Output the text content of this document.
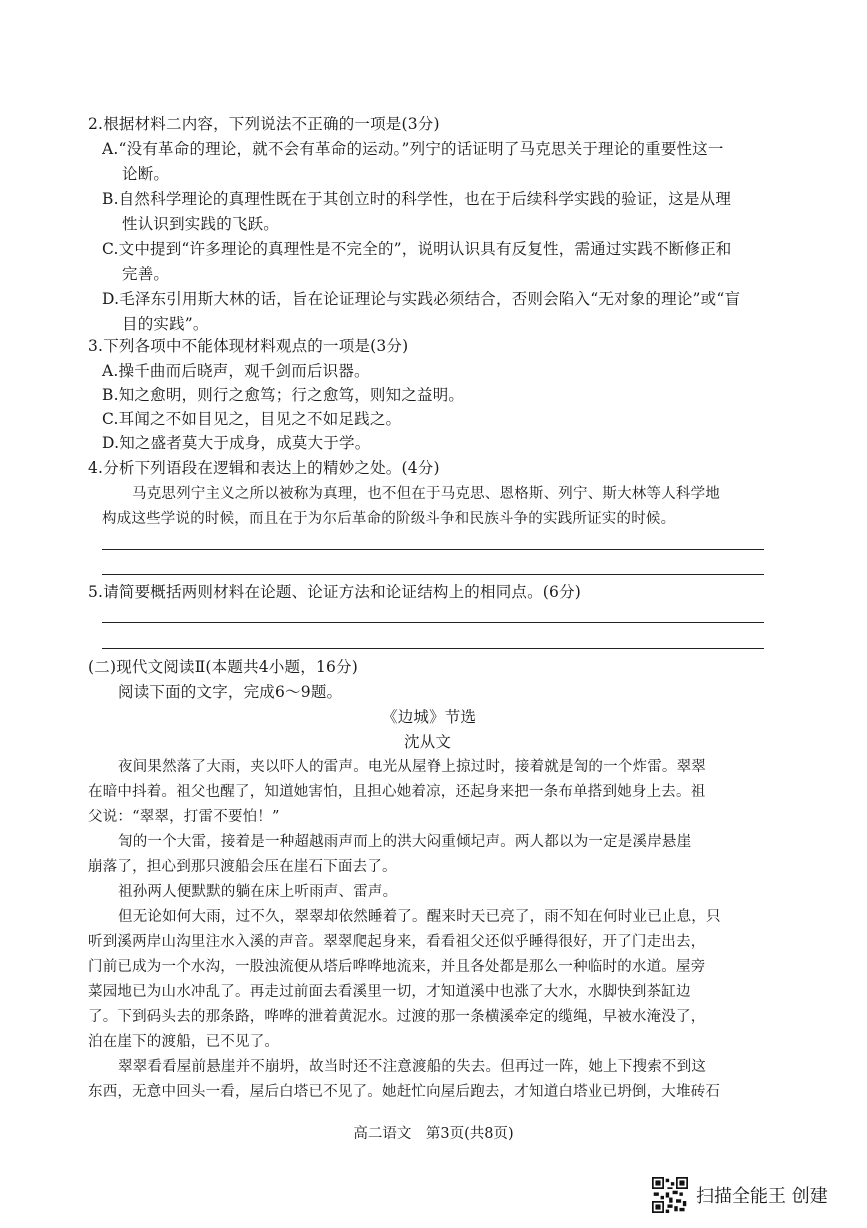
2.根据材料二内容，下列说法不正确的一项是(3分)
A.“没有革命的理论，就不会有革命的运动。”列宁的话证明了马克思关于理论的重要性这一
论断。
B.自然科学理论的真理性既在于其创立时的科学性，也在于后续科学实践的验证，这是从理
性认识到实践的飞跃。
C.文中提到“许多理论的真理性是不完全的”，说明认识具有反复性，需通过实践不断修正和
完善。
D.毛泽东引用斯大林的话，旨在论证理论与实践必须结合，否则会陷入“无对象的理论”或“盲
目的实践”。
3.下列各项中不能体现材料观点的一项是(3分)
A.操千曲而后晓声，观千剑而后识器。
B.知之愈明，则行之愈笃；行之愈笃，则知之益明。
C.耳闻之不如目见之，目见之不如足践之。
D.知之盛者莫大于成身，成莫大于学。
4.分析下列语段在逻辑和表达上的精妙之处。(4分)
马克思列宁主义之所以被称为真理，也不但在于马克思、恩格斯、列宁、斯大林等人科学地
构成这些学说的时候，而且在于为尔后革命的阶级斗争和民族斗争的实践所证实的时候。
5.请简要概括两则材料在论题、论证方法和论证结构上的相同点。(6分)
(二)现代文阅读Ⅱ(本题共4小题，16分)
阅读下面的文字，完成6～9题。
《边城》节选
沈从文
夜间果然落了大雨，夹以吓人的雷声。电光从屋脊上掠过时，接着就是訇的一个炸雷。翠翠
在暗中抖着。祖父也醒了，知道她害怕，且担心她着凉，还起身来把一条布单搭到她身上去。祖
父说：“翠翠，打雷不要怕！”
訇的一个大雷，接着是一种超越雨声而上的洪大闷重倾圮声。两人都以为一定是溪岸悬崖
崩落了，担心到那只渡船会压在崖石下面去了。
祖孙两人便默默的躺在床上听雨声、雷声。
但无论如何大雨，过不久，翠翠却依然睡着了。醒来时天已亮了，雨不知在何时业已止息，只
听到溪两岸山沟里注水入溪的声音。翠翠爬起身来，看看祖父还似乎睡得很好，开了门走出去，
门前已成为一个水沟，一股浊流便从塔后哗哗地流来，并且各处都是那么一种临时的水道。屋旁
菜园地已为山水冲乱了。再走过前面去看溪里一切，才知道溪中也涨了大水，水脚快到茶缸边
了。下到码头去的那条路，哗哗的泄着黄泥水。过渡的那一条横溪牵定的缆绳，早被水淹没了，
泊在崖下的渡船，已不见了。
翠翠看看屋前悬崖并不崩坍，故当时还不注意渡船的失去。但再过一阵，她上下搜索不到这
东西，无意中回头一看，屋后白塔已不见了。她赶忙向屋后跑去，才知道白塔业已坍倒，大堆砖石
高二语文　第3页(共8页)
扫描全能王 创建
